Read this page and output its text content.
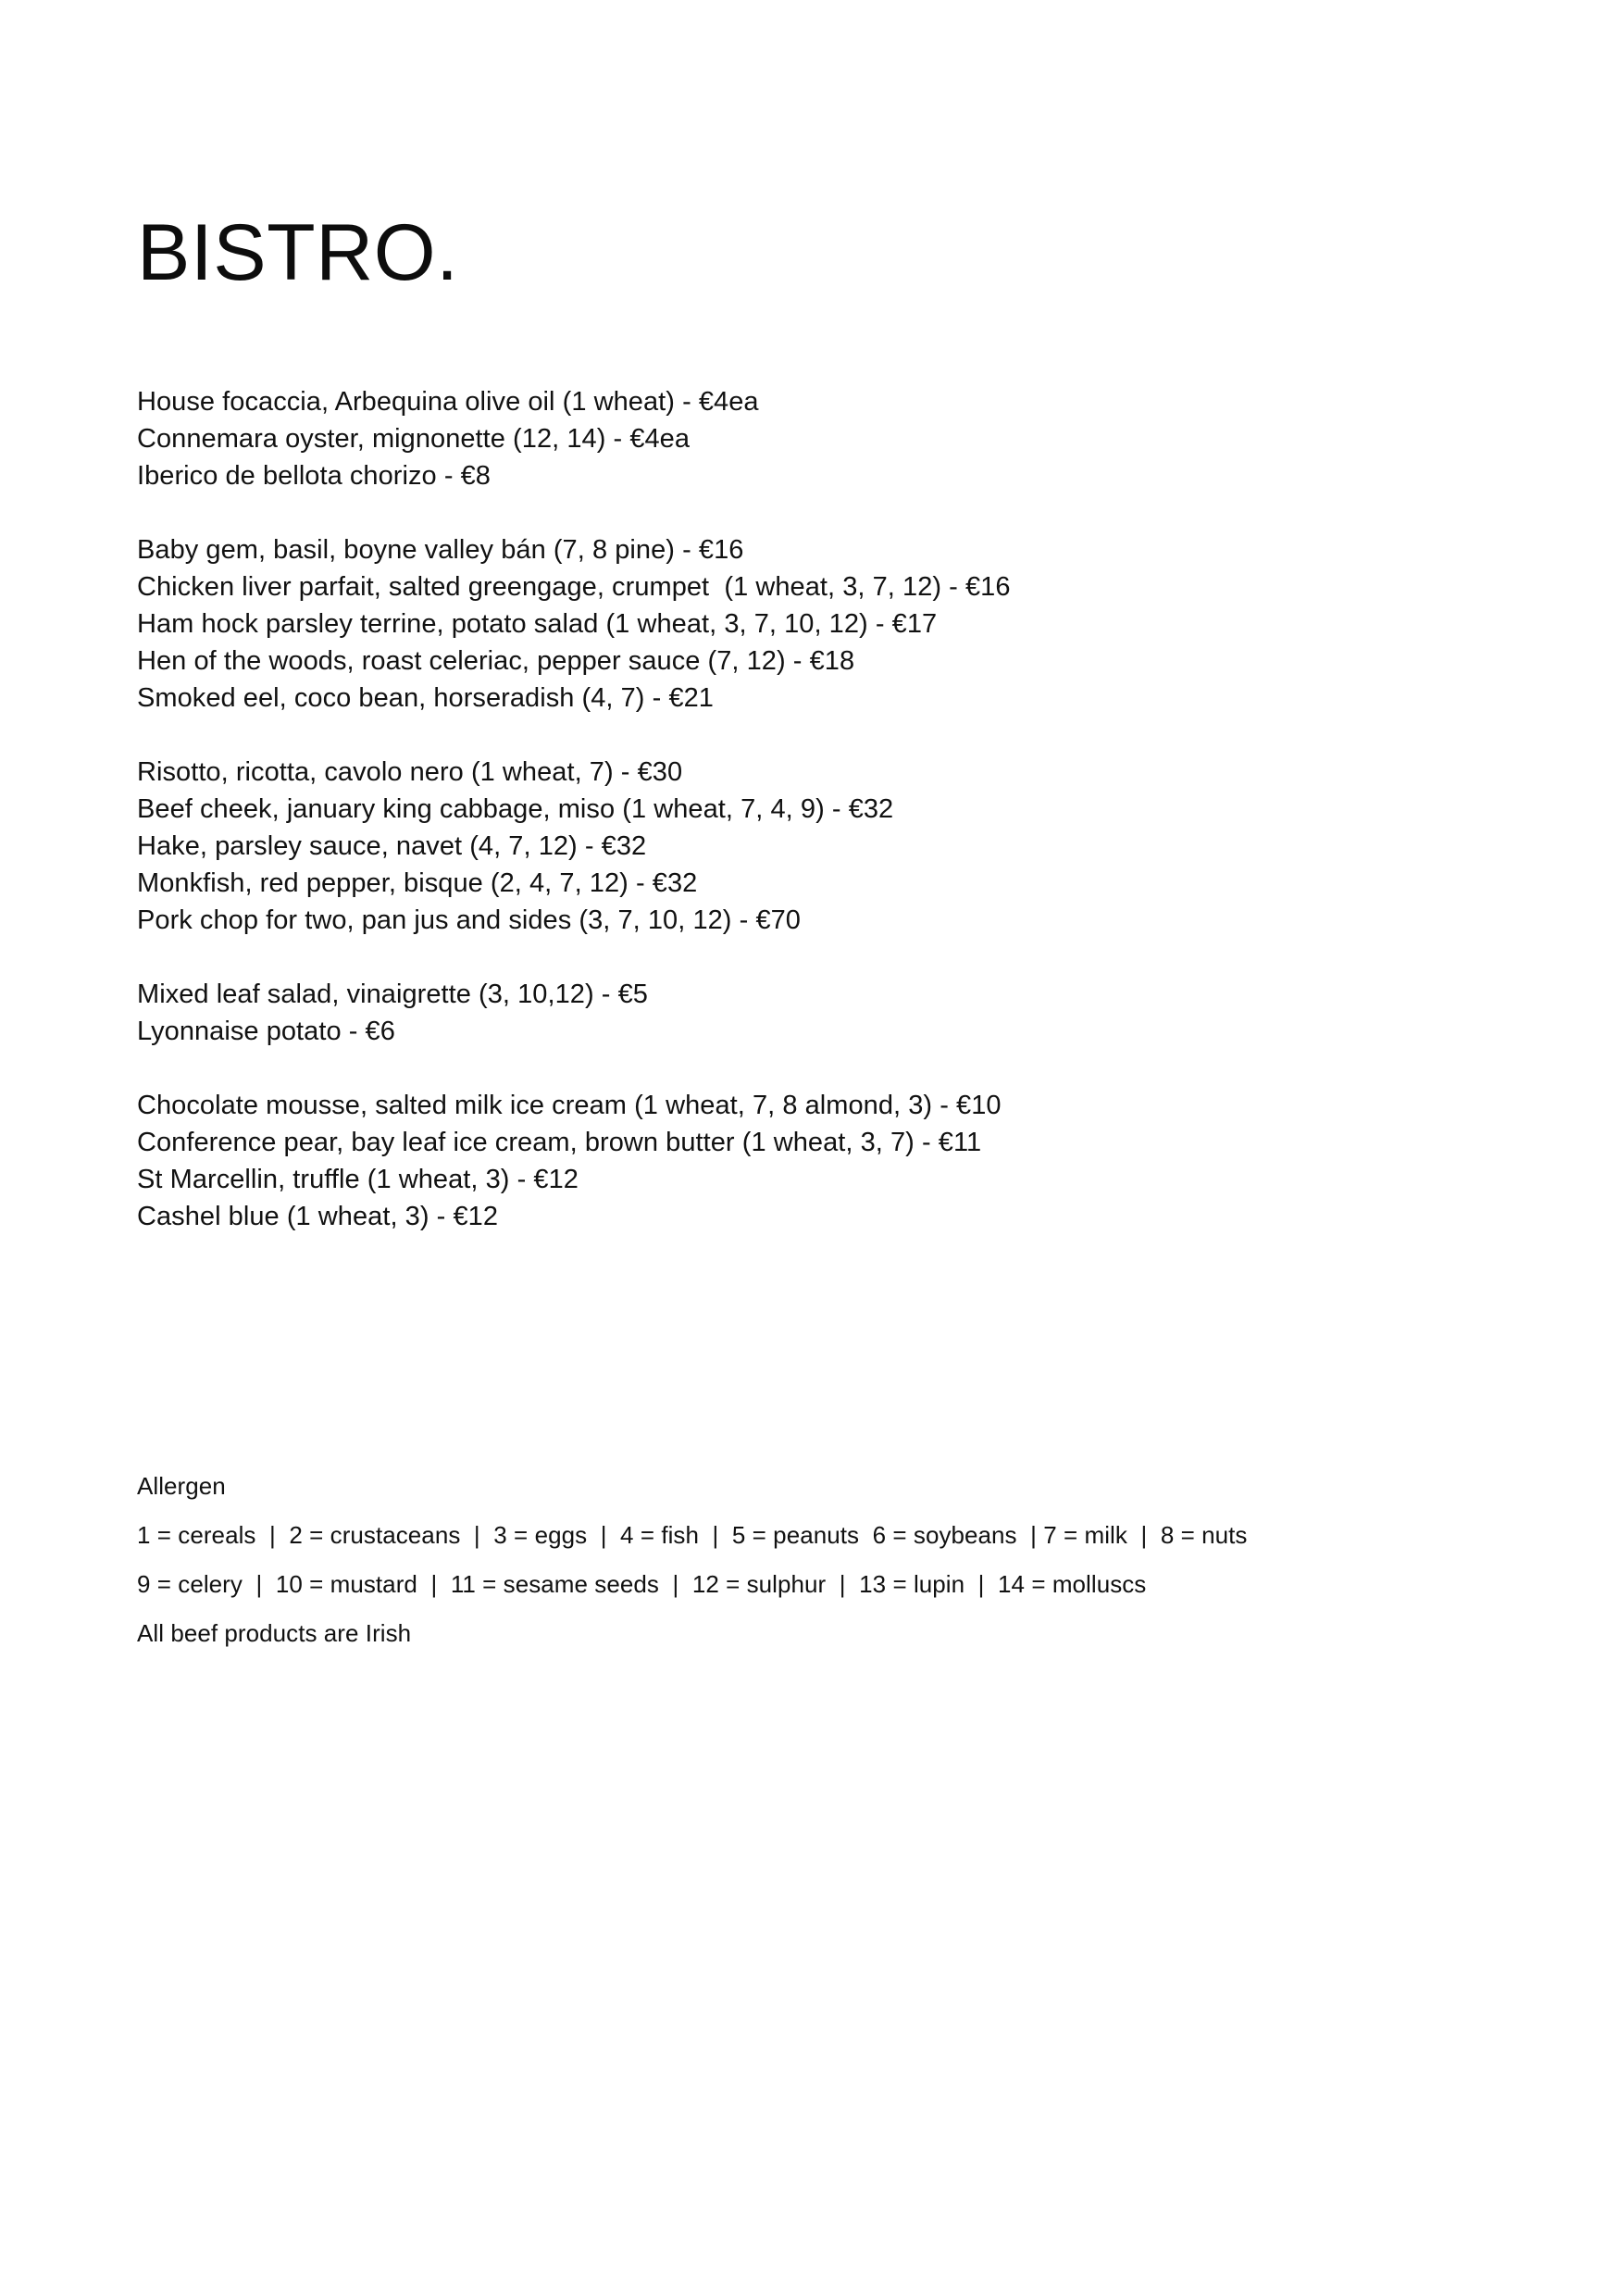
BISTRO.
House focaccia, Arbequina olive oil (1 wheat) - €4ea
Connemara oyster, mignonette (12, 14) - €4ea
Iberico de bellota chorizo - €8
Baby gem, basil, boyne valley bán (7, 8 pine) - €16
Chicken liver parfait, salted greengage, crumpet  (1 wheat, 3, 7, 12) - €16
Ham hock parsley terrine, potato salad (1 wheat, 3, 7, 10, 12) - €17
Hen of the woods, roast celeriac, pepper sauce (7, 12) - €18
Smoked eel, coco bean, horseradish (4, 7) - €21
Risotto, ricotta, cavolo nero (1 wheat, 7) - €30
Beef cheek, january king cabbage, miso (1 wheat, 7, 4, 9) - €32
Hake, parsley sauce, navet (4, 7, 12) - €32
Monkfish, red pepper, bisque (2, 4, 7, 12) - €32
Pork chop for two, pan jus and sides (3, 7, 10, 12) - €70
Mixed leaf salad, vinaigrette (3, 10,12) - €5
Lyonnaise potato - €6
Chocolate mousse, salted milk ice cream (1 wheat, 7, 8 almond, 3) - €10
Conference pear, bay leaf ice cream, brown butter (1 wheat, 3, 7) - €11
St Marcellin, truffle (1 wheat, 3) - €12
Cashel blue (1 wheat, 3) - €12
Allergen
1 = cereals  |  2 = crustaceans  |  3 = eggs  |  4 = fish  |  5 = peanuts  6 = soybeans  | 7 = milk  |  8 = nuts
9 = celery  |  10 = mustard  |  11 = sesame seeds  |  12 = sulphur  |  13 = lupin  |  14 = molluscs
All beef products are Irish
